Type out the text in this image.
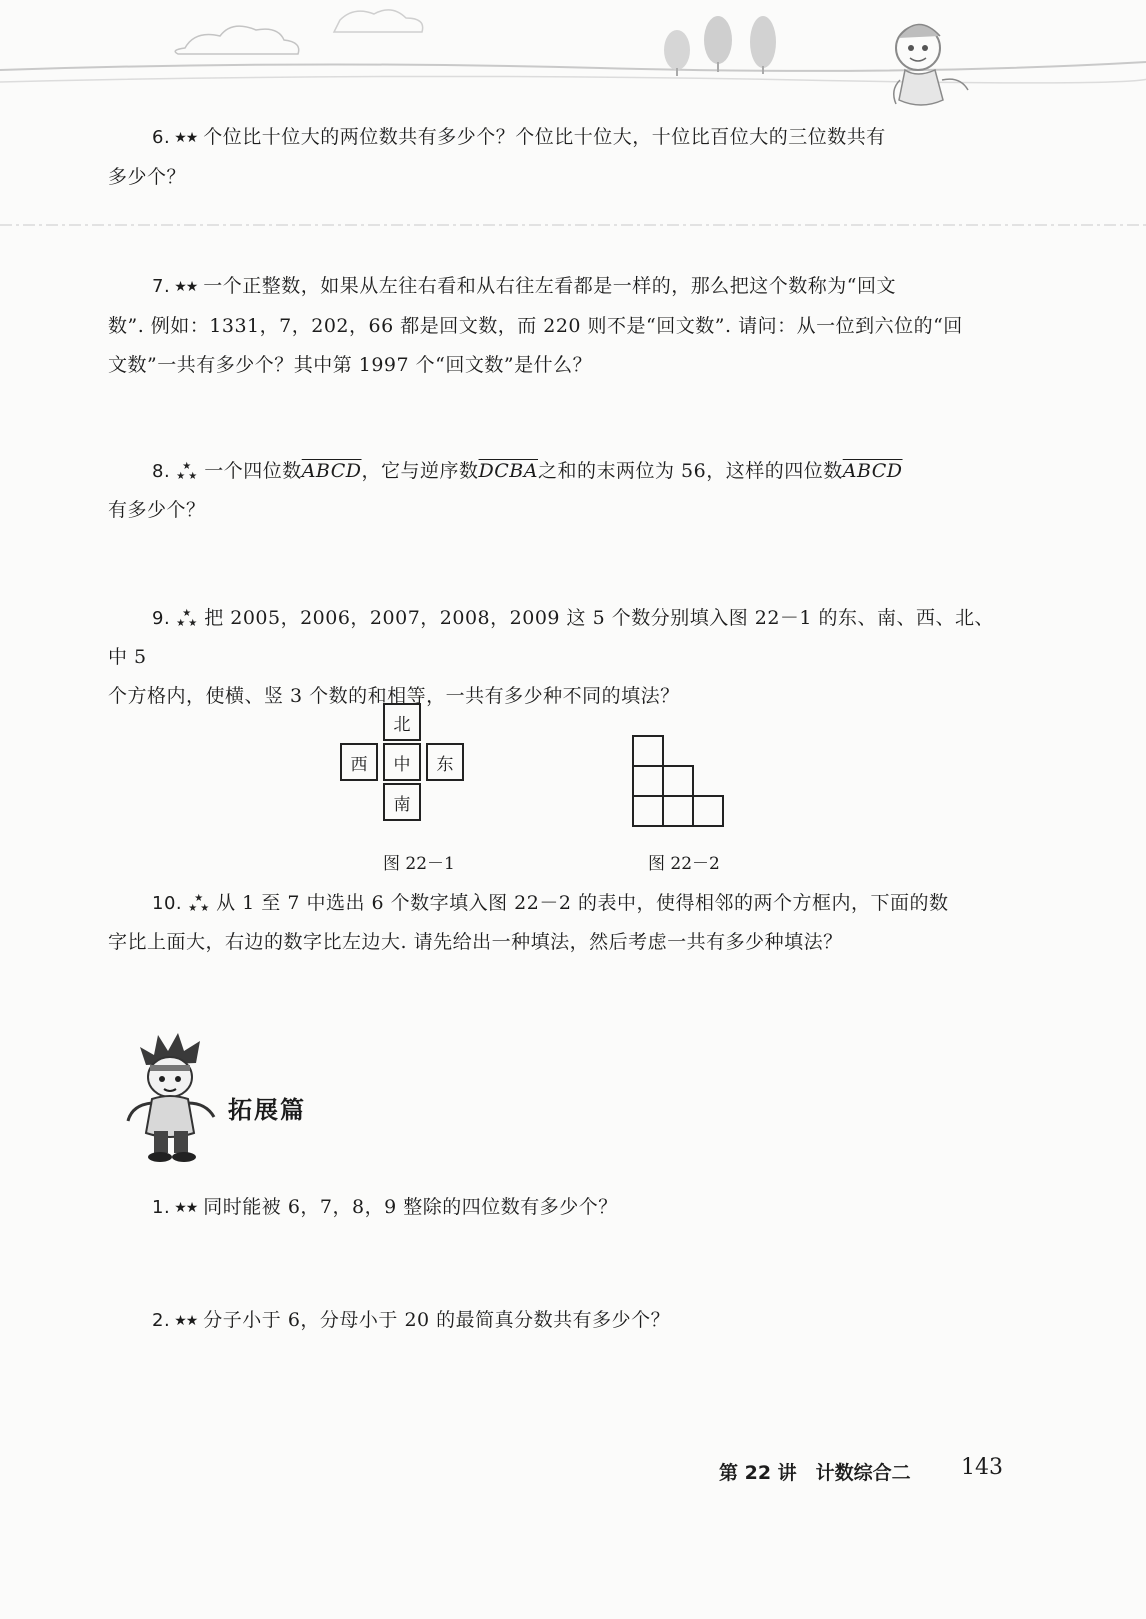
6. ★★ 个位比十位大的两位数共有多少个？个位比十位大，十位比百位大的三位数共有
多少个？
7. ★★ 一个正整数，如果从左往右看和从右往左看都是一样的，那么把这个数称为“回文
数”. 例如：1331，7，202，66 都是回文数，而 220 则不是“回文数”. 请问：从一位到六位的“回
文数”一共有多少个？其中第 1997 个“回文数”是什么？
8. ★
★ ★ 一个四位数ABCD，它与逆序数DCBA之和的末两位为 56，这样的四位数ABCD
有多少个？
9. ★
★ ★ 把 2005，2006，2007，2008，2009 这 5 个数分别填入图 22－1 的东、南、西、北、中 5
个方格内，使横、竖 3 个数的和相等，一共有多少种不同的填法？
北
西	中	东
南
图 22－1	图 22－2
10. ★
★ ★ 从 1 至 7 中选出 6 个数字填入图 22－2 的表中，使得相邻的两个方框内，下面的数
字比上面大，右边的数字比左边大. 请先给出一种填法，然后考虑一共有多少种填法？
拓展篇
1. ★★ 同时能被 6，7，8，9 整除的四位数有多少个？
2. ★★ 分子小于 6，分母小于 20 的最简真分数共有多少个？
第 22 讲　计数综合二 143
